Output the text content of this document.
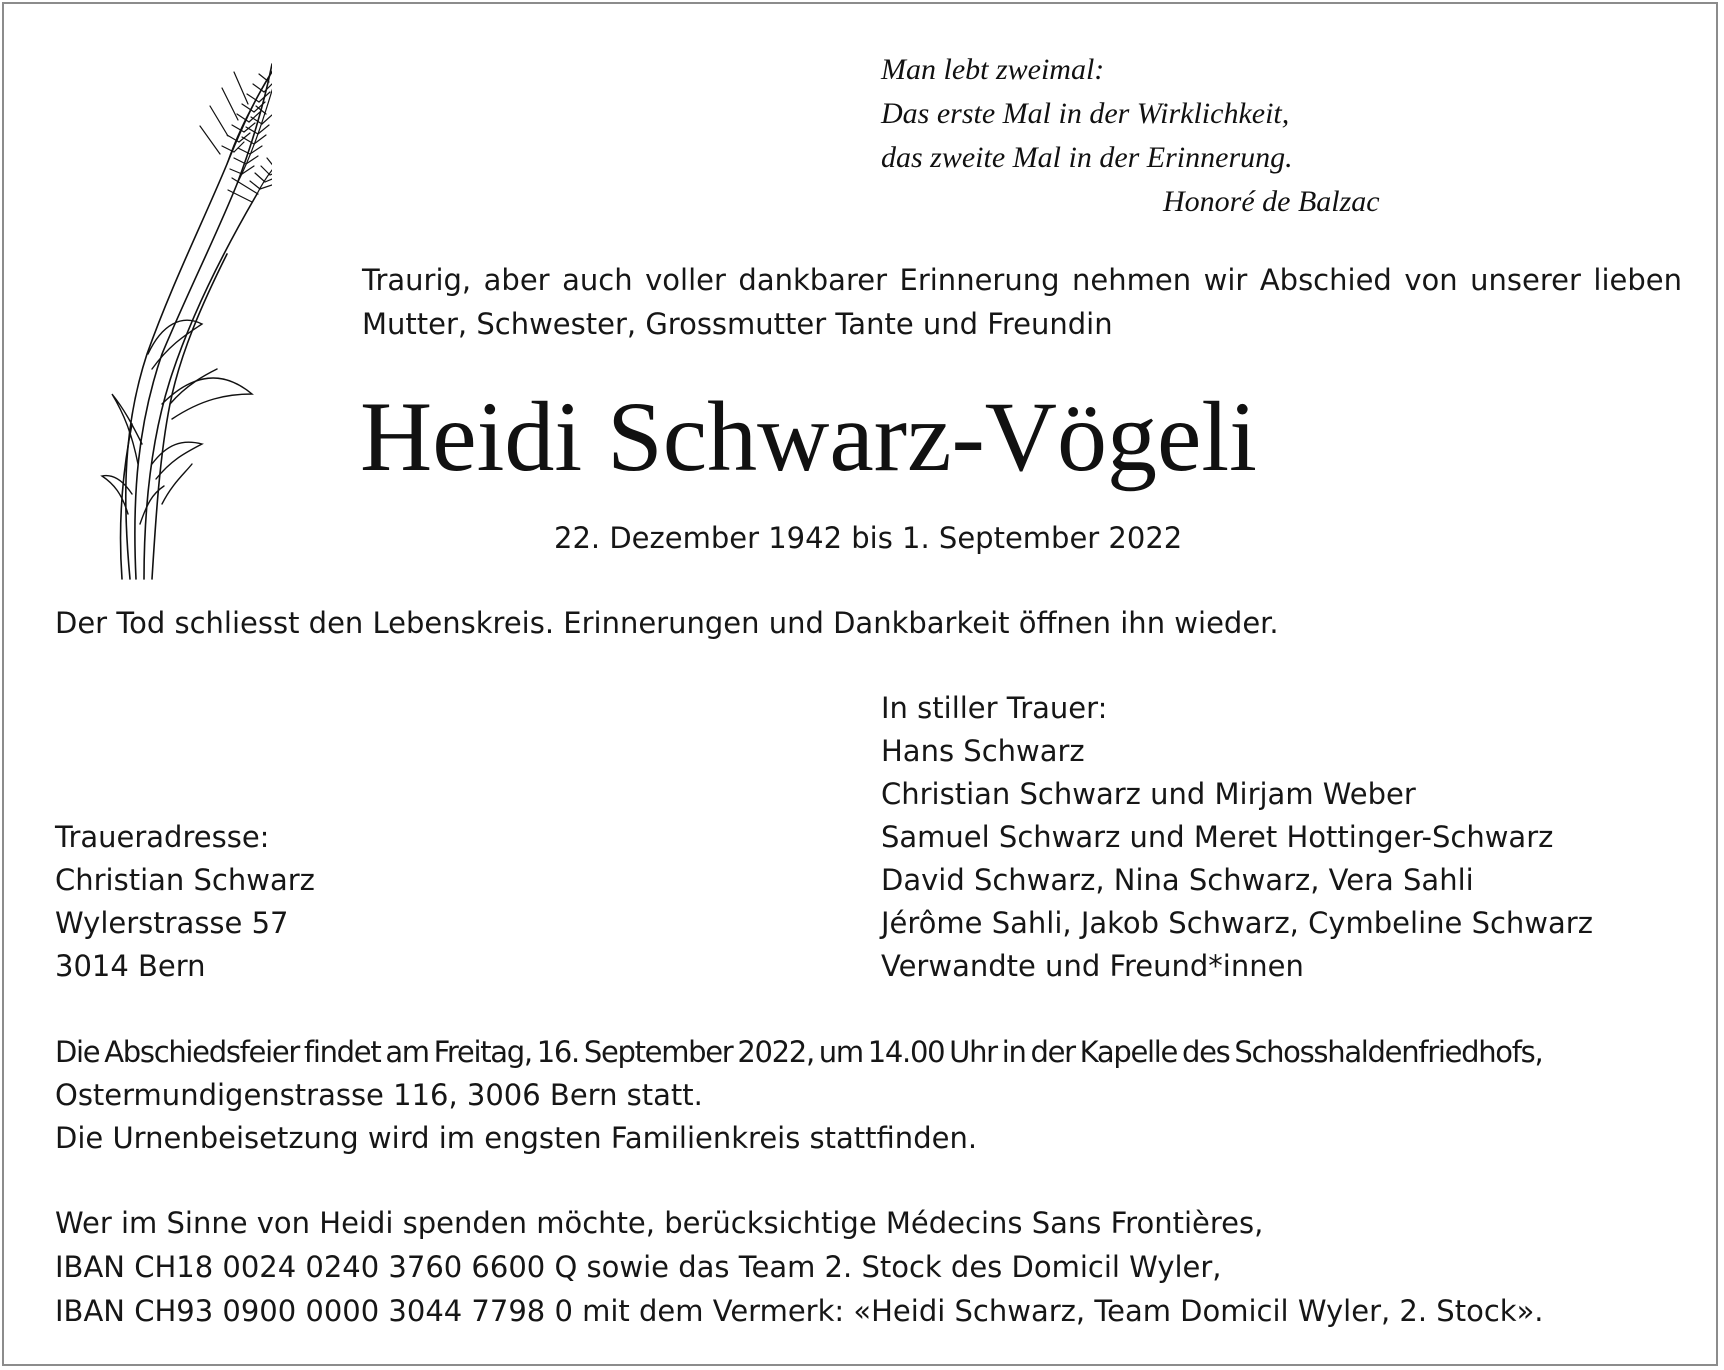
Man lebt zweimal:
Das erste Mal in der Wirklichkeit,
das zweite Mal in der Erinnerung.
Honoré de Balzac
Traurig, aber auch voller dankbarer Erinnerung nehmen wir Abschied von unserer lieben
Mutter, Schwester, Grossmutter Tante und Freundin
Heidi Schwarz-Vögeli
22. Dezember 1942 bis 1. September 2022
Der Tod schliesst den Lebenskreis. Erinnerungen und Dankbarkeit öffnen ihn wieder.
In stiller Trauer:
Hans Schwarz
Christian Schwarz und Mirjam Weber
Samuel Schwarz und Meret Hottinger-Schwarz
David Schwarz, Nina Schwarz, Vera Sahli
Jérôme Sahli, Jakob Schwarz, Cymbeline Schwarz
Verwandte und Freund*innen
Traueradresse:
Christian Schwarz
Wylerstrasse 57
3014 Bern
Die Abschiedsfeier findet am Freitag, 16. September 2022, um 14.00 Uhr in der Kapelle des Schosshaldenfriedhofs,
Ostermundigenstrasse 116, 3006 Bern statt.
Die Urnenbeisetzung wird im engsten Familienkreis stattfinden.
Wer im Sinne von Heidi spenden möchte, berücksichtige Médecins Sans Frontières,
IBAN CH18 0024 0240 3760 6600 Q sowie das Team 2. Stock des Domicil Wyler,
IBAN CH93 0900 0000 3044 7798 0 mit dem Vermerk: «Heidi Schwarz, Team Domicil Wyler, 2. Stock».
